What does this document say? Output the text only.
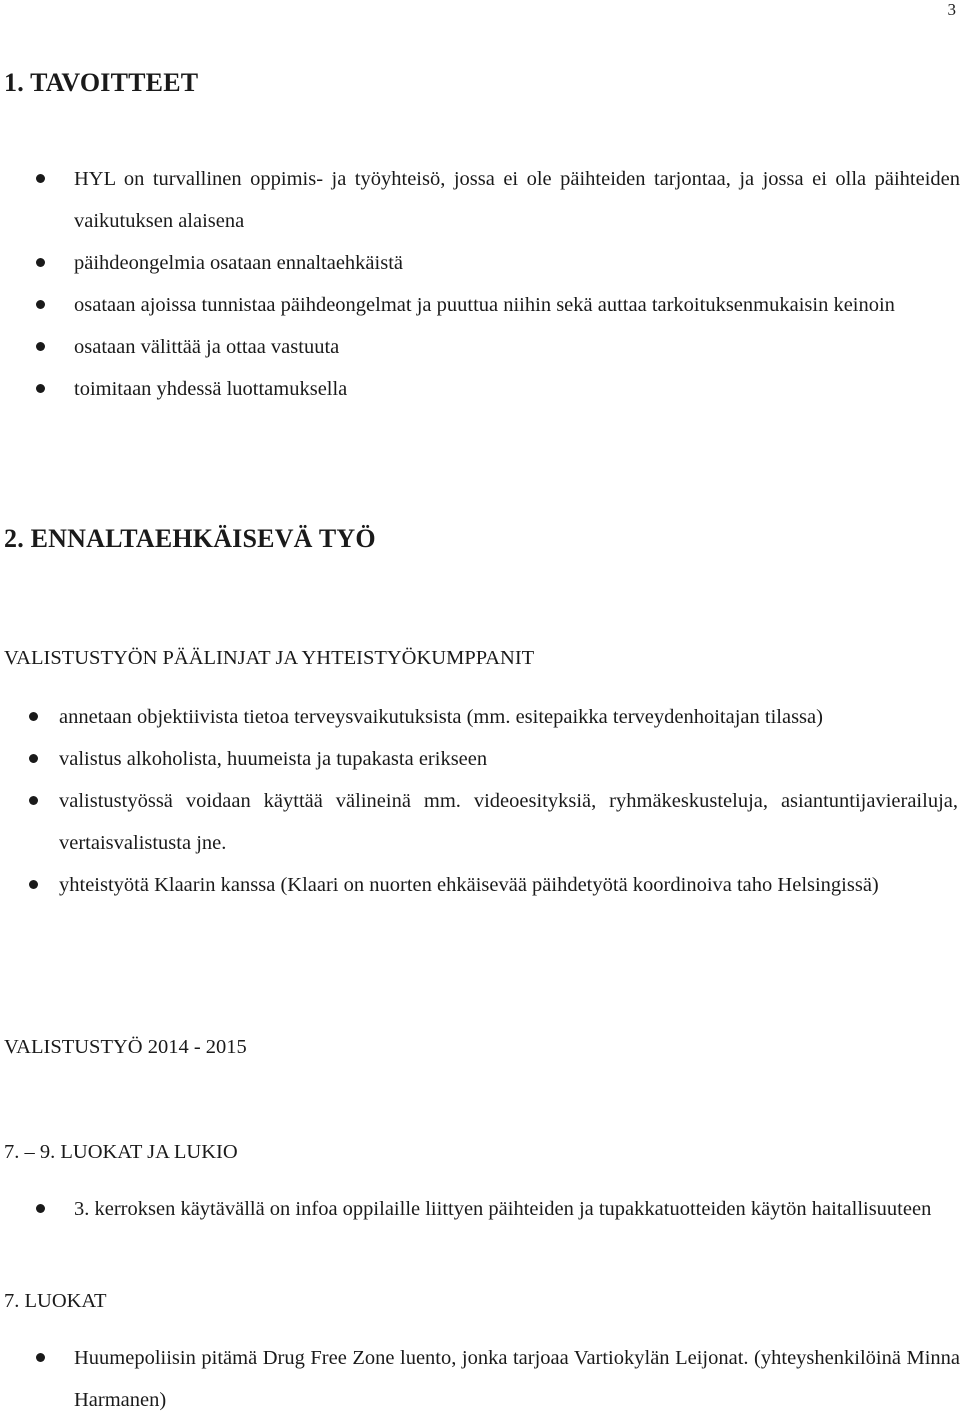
3
1. TAVOITTEET
HYL on turvallinen oppimis- ja työyhteisö, jossa ei ole päihteiden tarjontaa, ja jossa ei olla päihteiden vaikutuksen alaisena
päihdeongelmia osataan ennaltaehkäistä
osataan ajoissa tunnistaa päihdeongelmat ja puuttua niihin sekä auttaa tarkoituksenmukaisin keinoin
osataan välittää ja ottaa vastuuta
toimitaan yhdessä luottamuksella
2. ENNALTAEHKÄISEVÄ TYÖ
VALISTUSTYÖN PÄÄLINJAT JA YHTEISTYÖKUMPPANIT
annetaan objektiivista tietoa terveysvaikutuksista (mm. esitepaikka terveydenhoitajan tilassa)
valistus alkoholista, huumeista ja tupakasta erikseen
valistustyössä voidaan käyttää välineinä mm. videoesityksiä, ryhmäkeskusteluja, asiantuntijavierailuja, vertaisvalistusta jne.
yhteistyötä Klaarin kanssa (Klaari on nuorten ehkäisevää päihdetyötä koordinoiva taho Helsingissä)
VALISTUSTYÖ 2014 - 2015
7. – 9. LUOKAT JA LUKIO
3. kerroksen käytävällä on infoa oppilaille liittyen päihteiden ja tupakkatuotteiden käytön haitallisuuteen
7. LUOKAT
Huumepoliisin pitämä Drug Free Zone luento, jonka tarjoaa Vartiokylän Leijonat. (yhteyshenkilöinä Minna Harmanen)
